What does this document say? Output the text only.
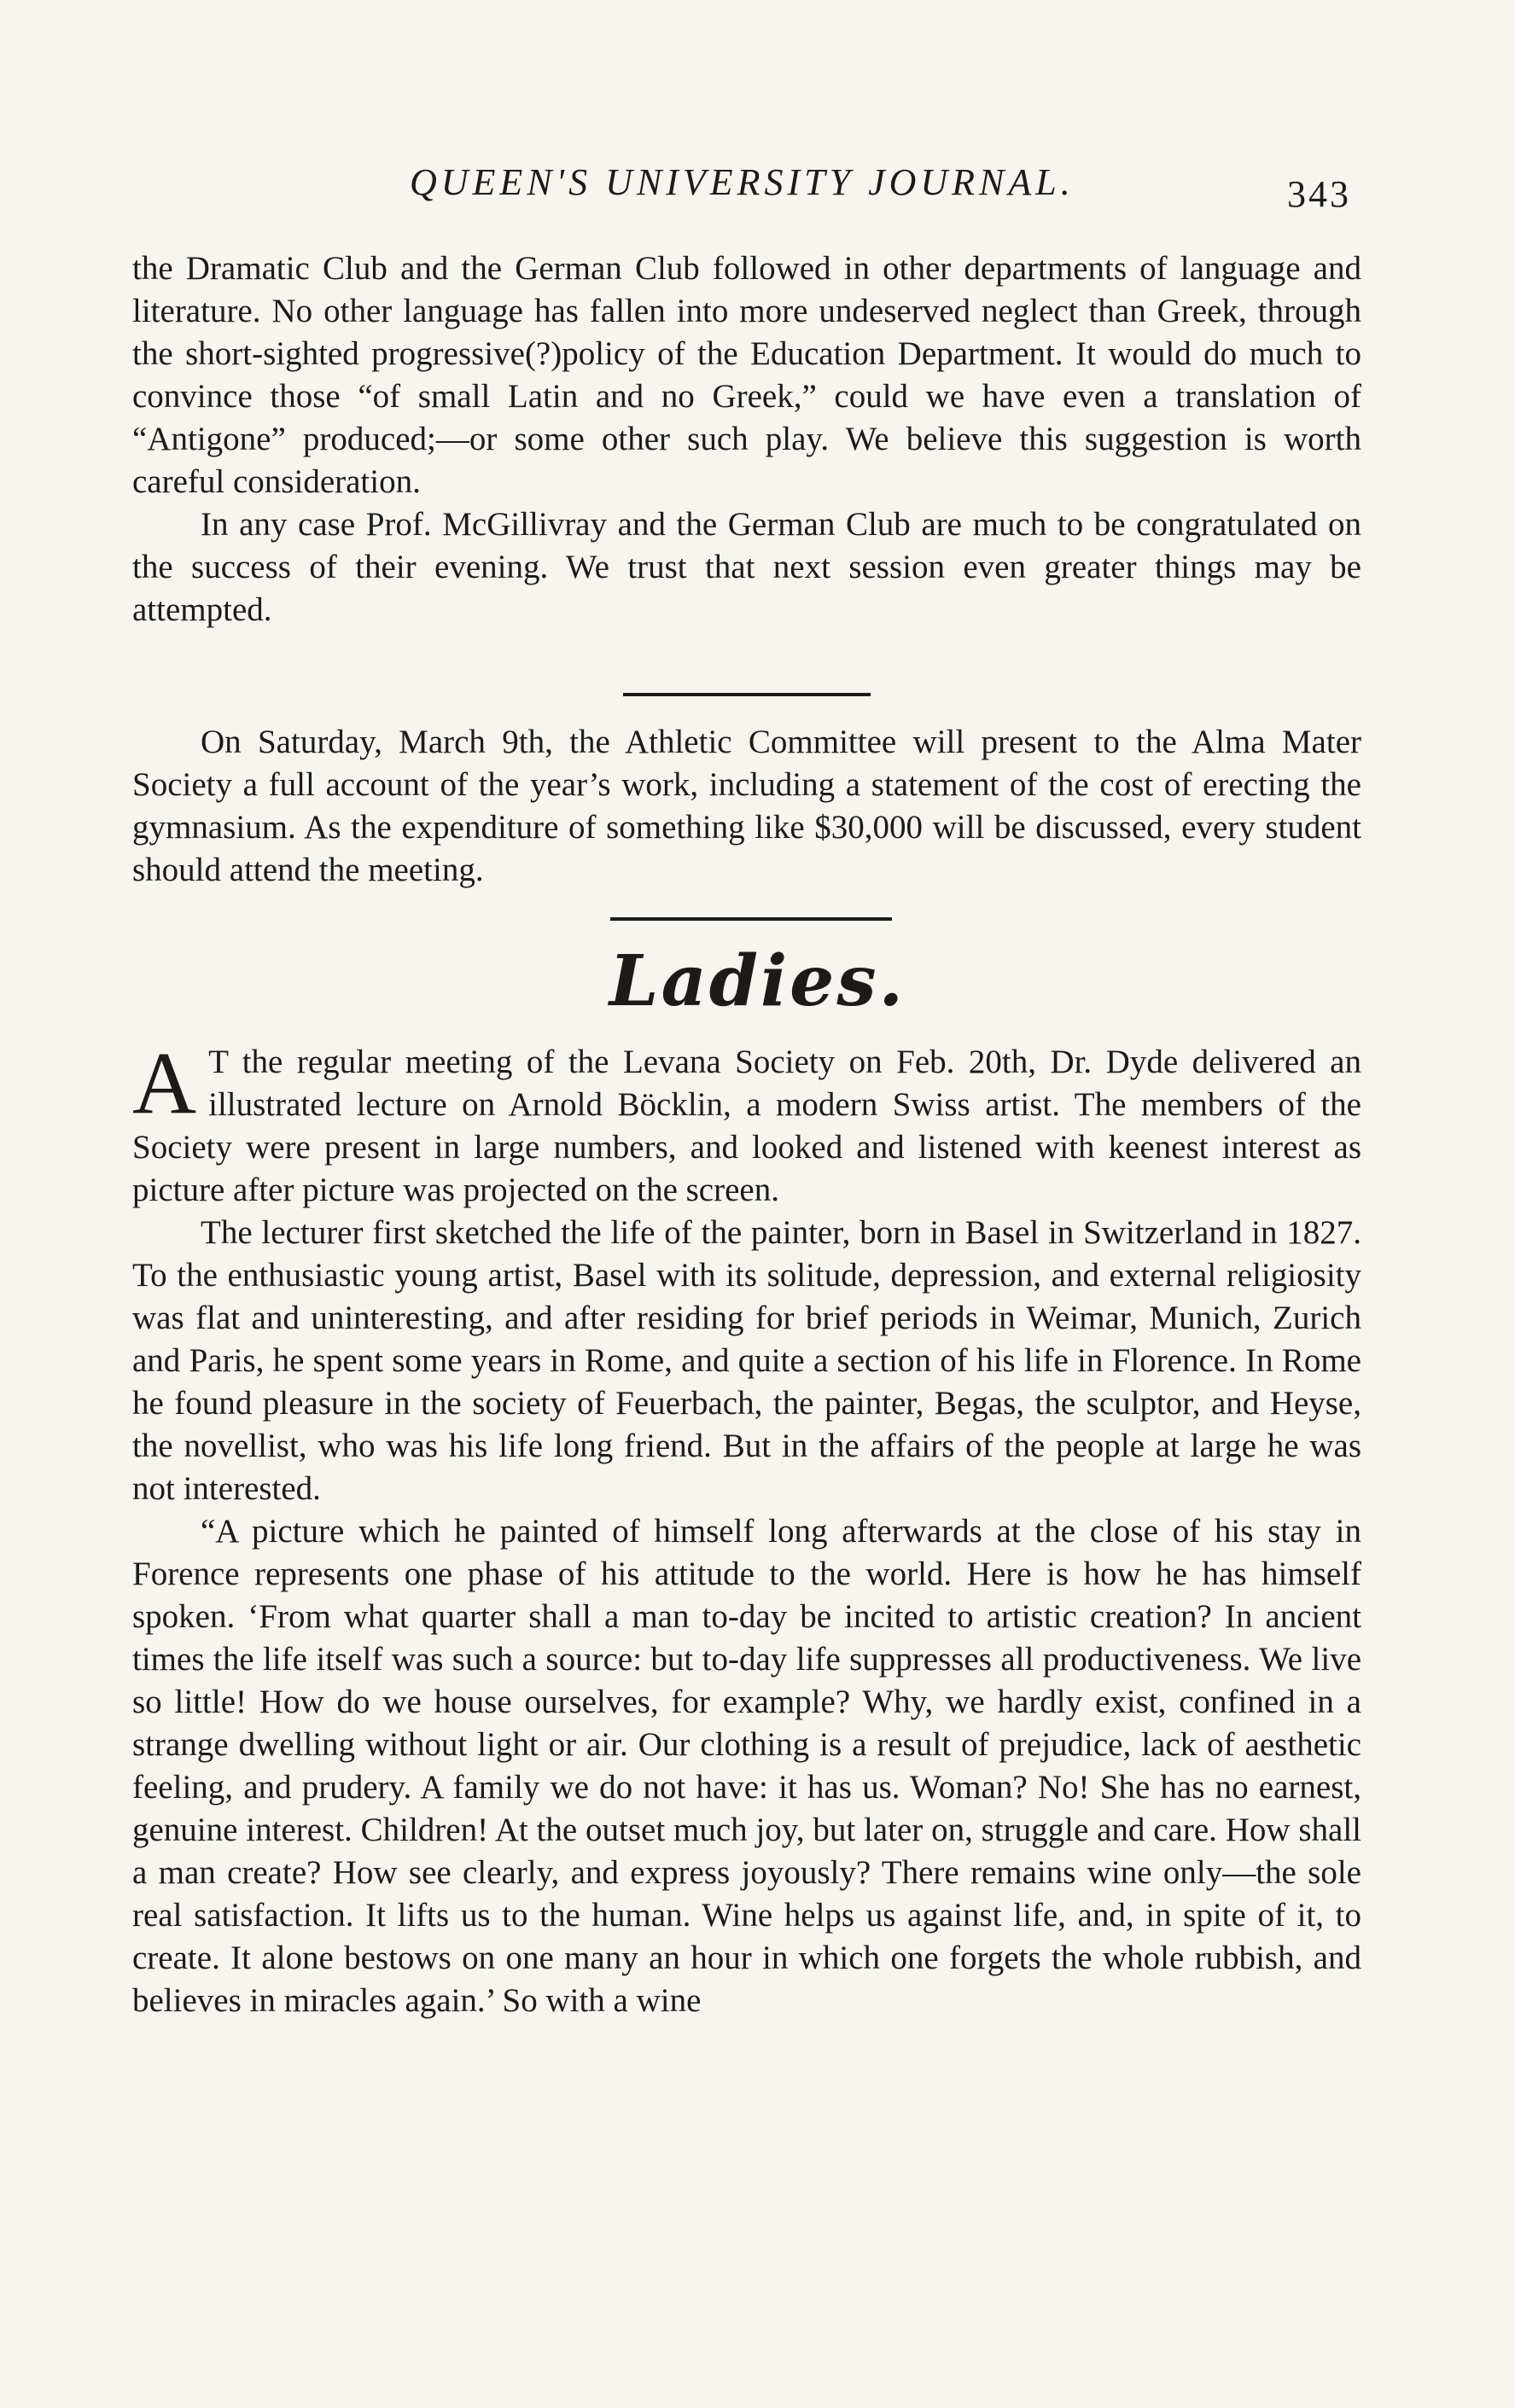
QUEEN'S UNIVERSITY JOURNAL.	343

the Dramatic Club and the German Club followed in other departments of language and literature. No other language has fallen into more undeserved neglect than Greek, through the short-sighted progressive(?)policy of the Education Department. It would do much to convince those “of small Latin and no Greek,” could we have even a translation of “Antigone” produced;—or some other such play. We believe this suggestion is worth careful consideration.

In any case Prof. McGillivray and the German Club are much to be congratulated on the success of their evening. We trust that next session even greater things may be attempted.

On Saturday, March 9th, the Athletic Committee will present to the Alma Mater Society a full account of the year’s work, including a statement of the cost of erecting the gymnasium. As the expenditure of something like $30,000 will be discussed, every student should attend the meeting.

Ladies.

A T the regular meeting of the Levana Society on Feb. 20th, Dr. Dyde delivered an illustrated lecture on Arnold Böcklin, a modern Swiss artist. The members of the Society were present in large numbers, and looked and listened with keenest interest as picture after picture was projected on the screen.

The lecturer first sketched the life of the painter, born in Basel in Switzerland in 1827. To the enthusiastic young artist, Basel with its solitude, depression, and external religiosity was flat and uninteresting, and after residing for brief periods in Weimar, Munich, Zurich and Paris, he spent some years in Rome, and quite a section of his life in Florence. In Rome he found pleasure in the society of Feuerbach, the painter, Begas, the sculptor, and Heyse, the novellist, who was his life long friend. But in the affairs of the people at large he was not interested.

“A picture which he painted of himself long afterwards at the close of his stay in Forence represents one phase of his attitude to the world. Here is how he has himself spoken. ‘From what quarter shall a man to-day be incited to artistic creation? In ancient times the life itself was such a source: but to-day life suppresses all productiveness. We live so little! How do we house ourselves, for example? Why, we hardly exist, confined in a strange dwelling without light or air. Our clothing is a result of prejudice, lack of aesthetic feeling, and prudery. A family we do not have: it has us. Woman? No! She has no earnest, genuine interest. Children! At the outset much joy, but later on, struggle and care. How shall a man create? How see clearly, and express joyously? There remains wine only—the sole real satisfaction. It lifts us to the human. Wine helps us against life, and, in spite of it, to create. It alone bestows on one many an hour in which one forgets the whole rubbish, and believes in miracles again.’ So with a wine
